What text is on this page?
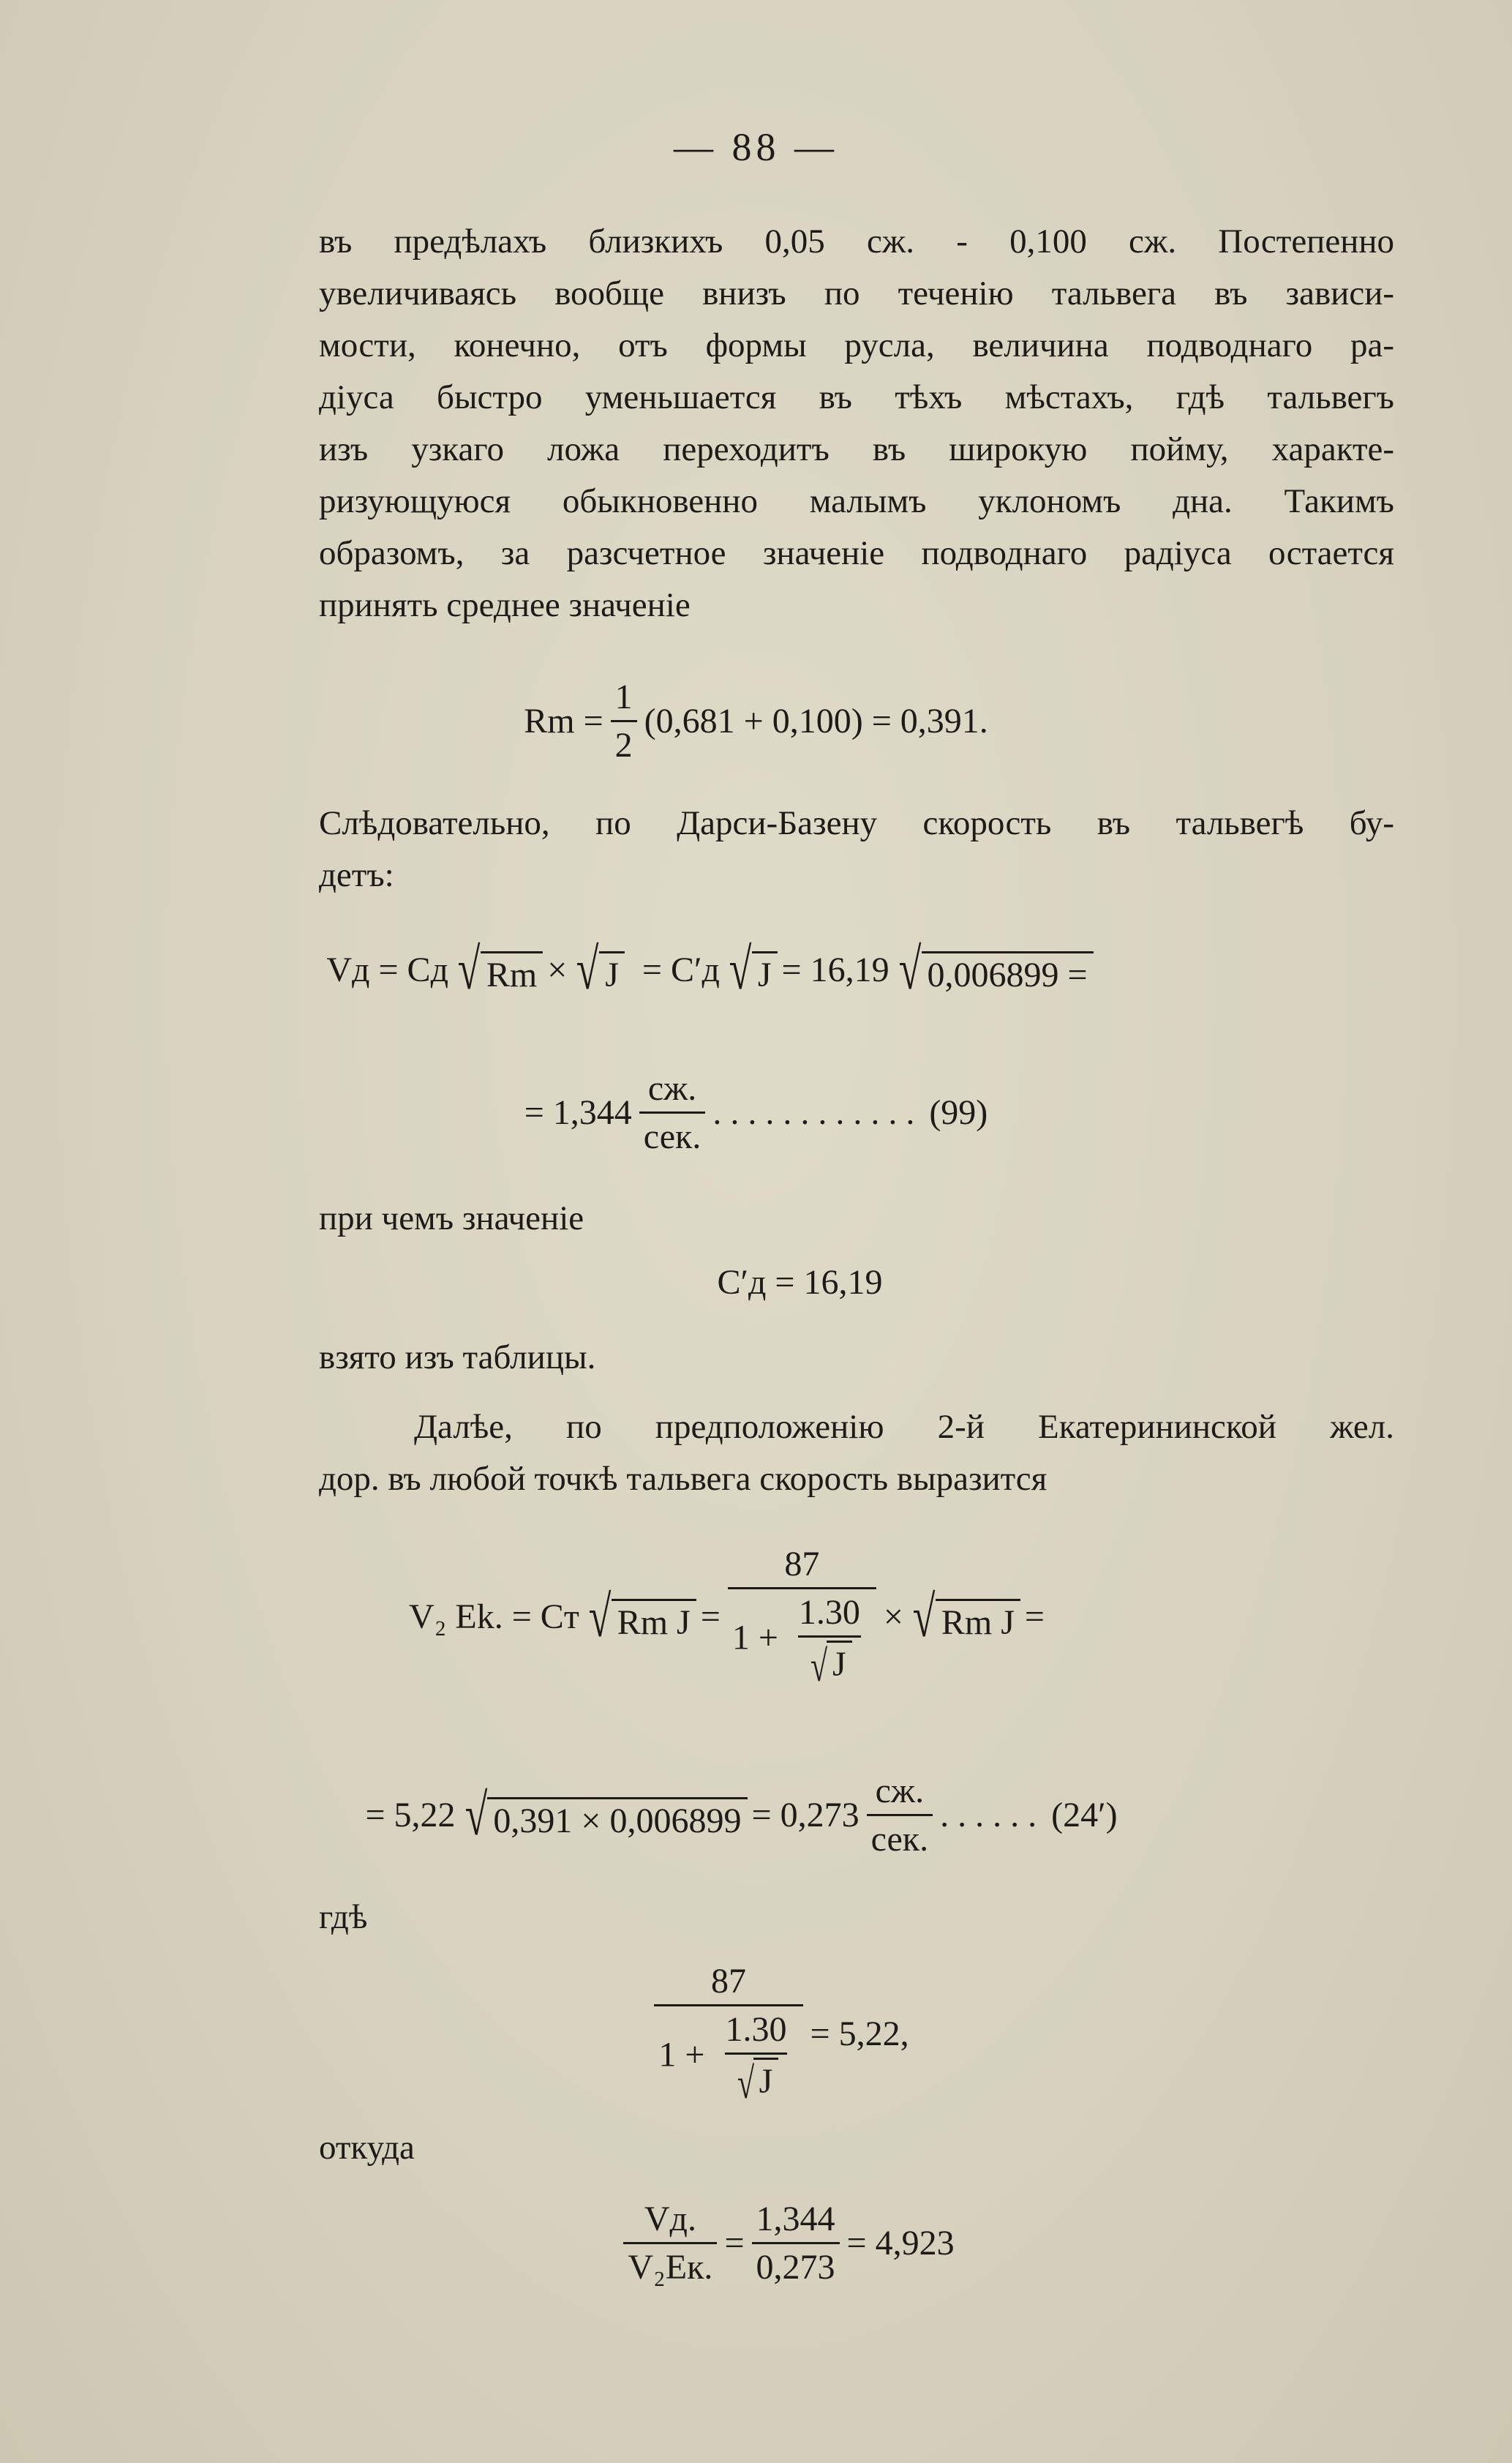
— 88 —
въ предѣлахъ близкихъ 0,05 сж. - 0,100 сж. Постепенно
увеличиваясь вообще внизъ по теченію тальвега въ зависи-
мости, конечно, отъ формы русла, величина подводнаго ра-
діуса быстро уменьшается въ тѣхъ мѣстахъ, гдѣ тальвегъ
изъ узкаго ложа переходитъ въ широкую пойму, характе-
ризующуюся обыкновенно малымъ уклономъ дна. Такимъ
образомъ, за разсчетное значеніе подводнаго радіуса остается
принять среднее значеніе
$Rm = \frac{1}{2} (0,681 + 0,100) = 0,391$.
Слѣдовательно, по Дарси-Базену скорость въ тальвегѣ бу-
детъ:
Vд = Cд √ Rm × √ J = C′д √ J = 16,19 √ 0,006899 =
= $1,344 \frac{сж.}{\text{сек.}}$ . . . . . . . . . . . . (99)
при чемъ значеніе
C′д = 16,19
взято изъ таблицы.
Далѣе, по предположенію 2-й Екатерининской жел.
дор. въ любой точкѣ тальвега скорость выразится
V₂ Ek. = Cт √ Rm $J = \frac{87}{1 + \frac{1.30}{√ J}}$ × √ Rm J =
= 5,22 √ $0,391 \times 0,006899 = 0,273 \frac{сж.}{\text{сек.}}$ . . . . . . (24′)
гдѣ
$\frac{87}{1 + \frac{1.30}{√ J}} = 5,22$,
откуда
$\frac{Vд.}{\text{V₂Ек.}} = \frac{1,344}{0,273} = 4,923$
